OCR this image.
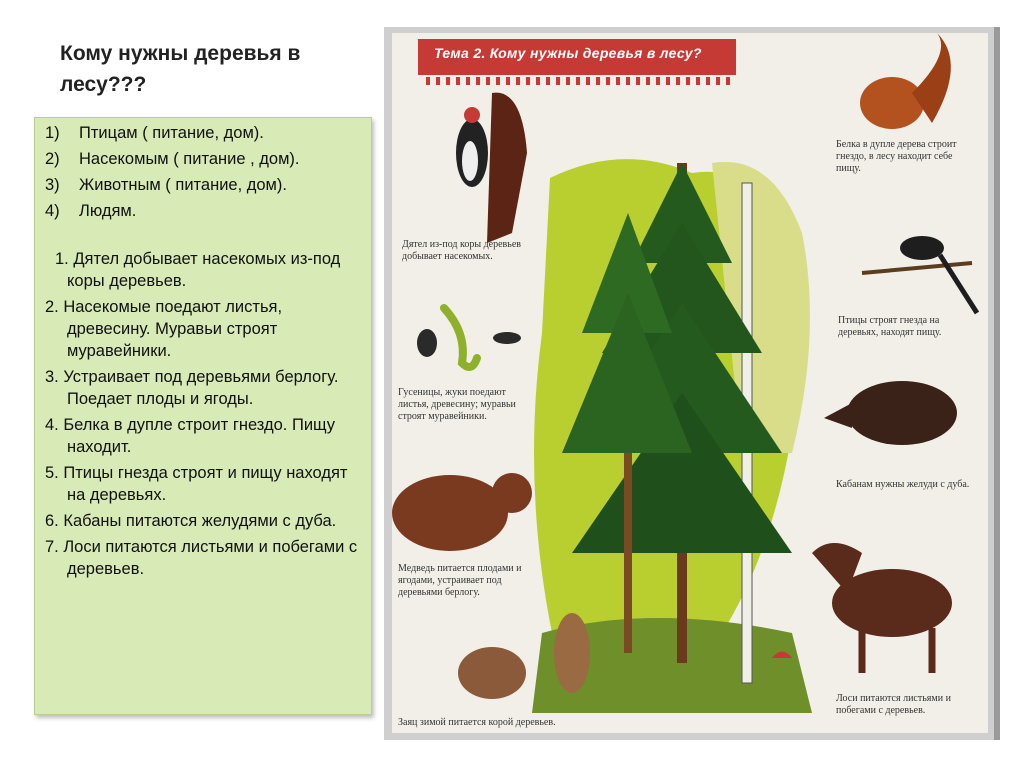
Кому нужны деревья в лесу???
1)	Птицам ( питание, дом).
2)	Насекомым ( питание , дом).
3)	Животным ( питание, дом).
4)	Людям.
1. Дятел добывает насекомых из-под коры деревьев.
2. Насекомые поедают листья, древесину. Муравьи строят муравейники.
3. Устраивает под деревьями берлогу. Поедает плоды и ягоды.
4. Белка в дупле строит гнездо. Пищу находит.
5. Птицы гнезда строят и пищу находят на деревьях.
6. Кабаны питаются желудями с дуба.
7. Лоси питаются листьями и побегами с деревьев.
Тема 2. Кому нужны деревья в лесу?
Дятел из-под коры деревьев добывает насекомых.
Белка в дупле дерева строит гнездо, в лесу находит себе пищу.
Гусеницы, жуки поедают листья, древесину; муравьи строят муравейники.
Птицы строят гнезда на деревьях, находят пищу.
Кабанам нужны желуди с дуба.
Медведь питается плодами и ягодами, устраивает под деревьями берлогу.
Лоси питаются листьями и побегами с деревьев.
Заяц зимой питается корой деревьев.
